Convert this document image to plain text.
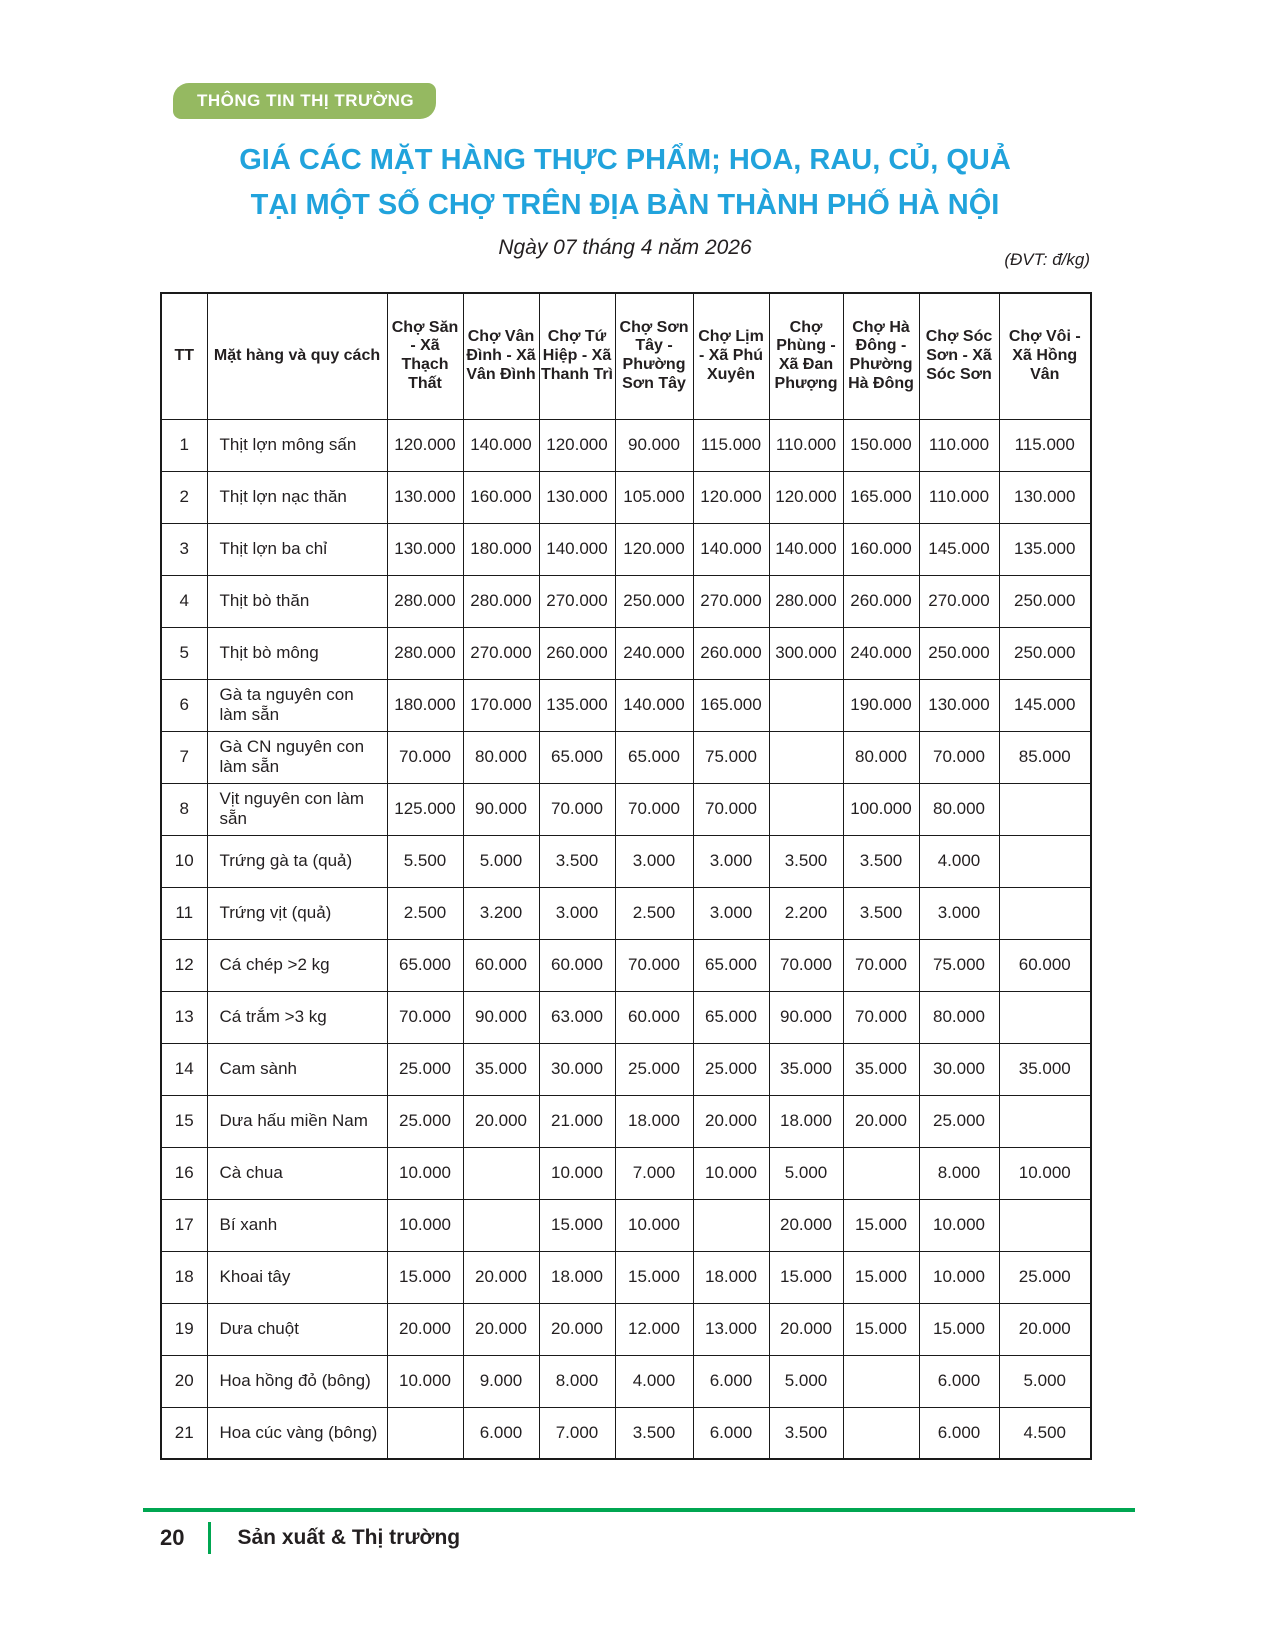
THÔNG TIN THỊ TRƯỜNG
GIÁ CÁC MẶT HÀNG THỰC PHẨM; HOA, RAU, CỦ, QUẢ
TẠI MỘT SỐ CHỢ TRÊN ĐỊA BÀN THÀNH PHỐ HÀ NỘI
Ngày 07 tháng 4 năm 2026
(ĐVT: đ/kg)
TT	Mặt hàng và quy cách	Chợ Săn - Xã Thạch Thất	Chợ Vân Đình - Xã Vân Đình	Chợ Tứ Hiệp - Xã Thanh Trì	Chợ Sơn Tây - Phường Sơn Tây	Chợ Lịm - Xã Phú Xuyên	Chợ Phùng - Xã Đan Phượng	Chợ Hà Đông - Phường Hà Đông	Chợ Sóc Sơn - Xã Sóc Sơn	Chợ Vôi - Xã Hồng Vân
1	Thịt lợn mông sấn	120.000	140.000	120.000	90.000	115.000	110.000	150.000	110.000	115.000
2	Thịt lợn nạc thăn	130.000	160.000	130.000	105.000	120.000	120.000	165.000	110.000	130.000
3	Thịt lợn ba chỉ	130.000	180.000	140.000	120.000	140.000	140.000	160.000	145.000	135.000
4	Thịt bò thăn	280.000	280.000	270.000	250.000	270.000	280.000	260.000	270.000	250.000
5	Thịt bò mông	280.000	270.000	260.000	240.000	260.000	300.000	240.000	250.000	250.000
6	Gà ta nguyên con làm sẵn	180.000	170.000	135.000	140.000	165.000		190.000	130.000	145.000
7	Gà CN nguyên con làm sẵn	70.000	80.000	65.000	65.000	75.000		80.000	70.000	85.000
8	Vịt nguyên con làm sẵn	125.000	90.000	70.000	70.000	70.000		100.000	80.000	
10	Trứng gà ta (quả)	5.500	5.000	3.500	3.000	3.000	3.500	3.500	4.000	
11	Trứng vịt (quả)	2.500	3.200	3.000	2.500	3.000	2.200	3.500	3.000	
12	Cá chép >2 kg	65.000	60.000	60.000	70.000	65.000	70.000	70.000	75.000	60.000
13	Cá trắm >3 kg	70.000	90.000	63.000	60.000	65.000	90.000	70.000	80.000	
14	Cam sành	25.000	35.000	30.000	25.000	25.000	35.000	35.000	30.000	35.000
15	Dưa hấu miền Nam	25.000	20.000	21.000	18.000	20.000	18.000	20.000	25.000	
16	Cà chua	10.000		10.000	7.000	10.000	5.000		8.000	10.000
17	Bí xanh	10.000		15.000	10.000		20.000	15.000	10.000	
18	Khoai tây	15.000	20.000	18.000	15.000	18.000	15.000	15.000	10.000	25.000
19	Dưa chuột	20.000	20.000	20.000	12.000	13.000	20.000	15.000	15.000	20.000
20	Hoa hồng đỏ (bông)	10.000	9.000	8.000	4.000	6.000	5.000		6.000	5.000
21	Hoa cúc vàng (bông)		6.000	7.000	3.500	6.000	3.500		6.000	4.500
20	Sản xuất & Thị trường
